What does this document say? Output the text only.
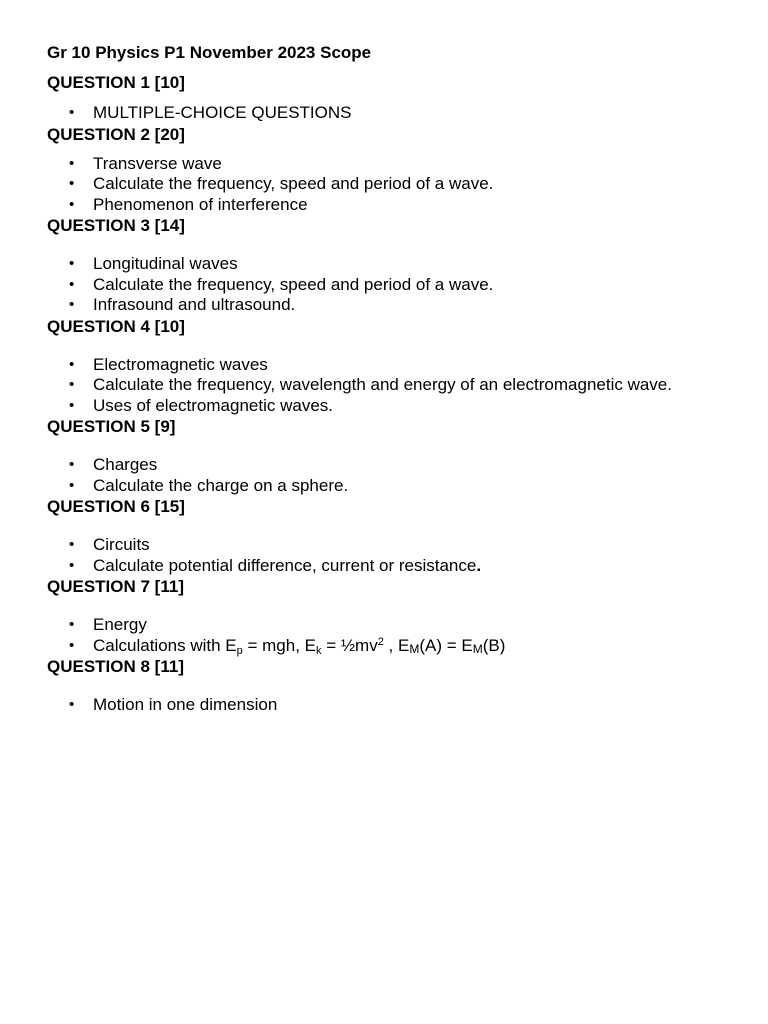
Gr 10 Physics P1 November 2023 Scope
QUESTION 1 [10]
• MULTIPLE-CHOICE QUESTIONS
QUESTION 2 [20]
• Transverse wave
• Calculate the frequency, speed and period of a wave.
• Phenomenon of interference
QUESTION 3 [14]
• Longitudinal waves
• Calculate the frequency, speed and period of a wave.
• Infrasound and ultrasound.
QUESTION 4 [10]
• Electromagnetic waves
• Calculate the frequency, wavelength and energy of an electromagnetic wave.
• Uses of electromagnetic waves.
QUESTION 5 [9]
• Charges
• Calculate the charge on a sphere.
QUESTION 6 [15]
• Circuits
• Calculate potential difference, current or resistance.
QUESTION 7 [11]
• Energy
• Calculations with $E_p$ = mgh, $E_k$ = $\frac{1}{2}mv^2$ , EM(A) = EM(B)
QUESTION 8 [11]
• Motion in one dimension
